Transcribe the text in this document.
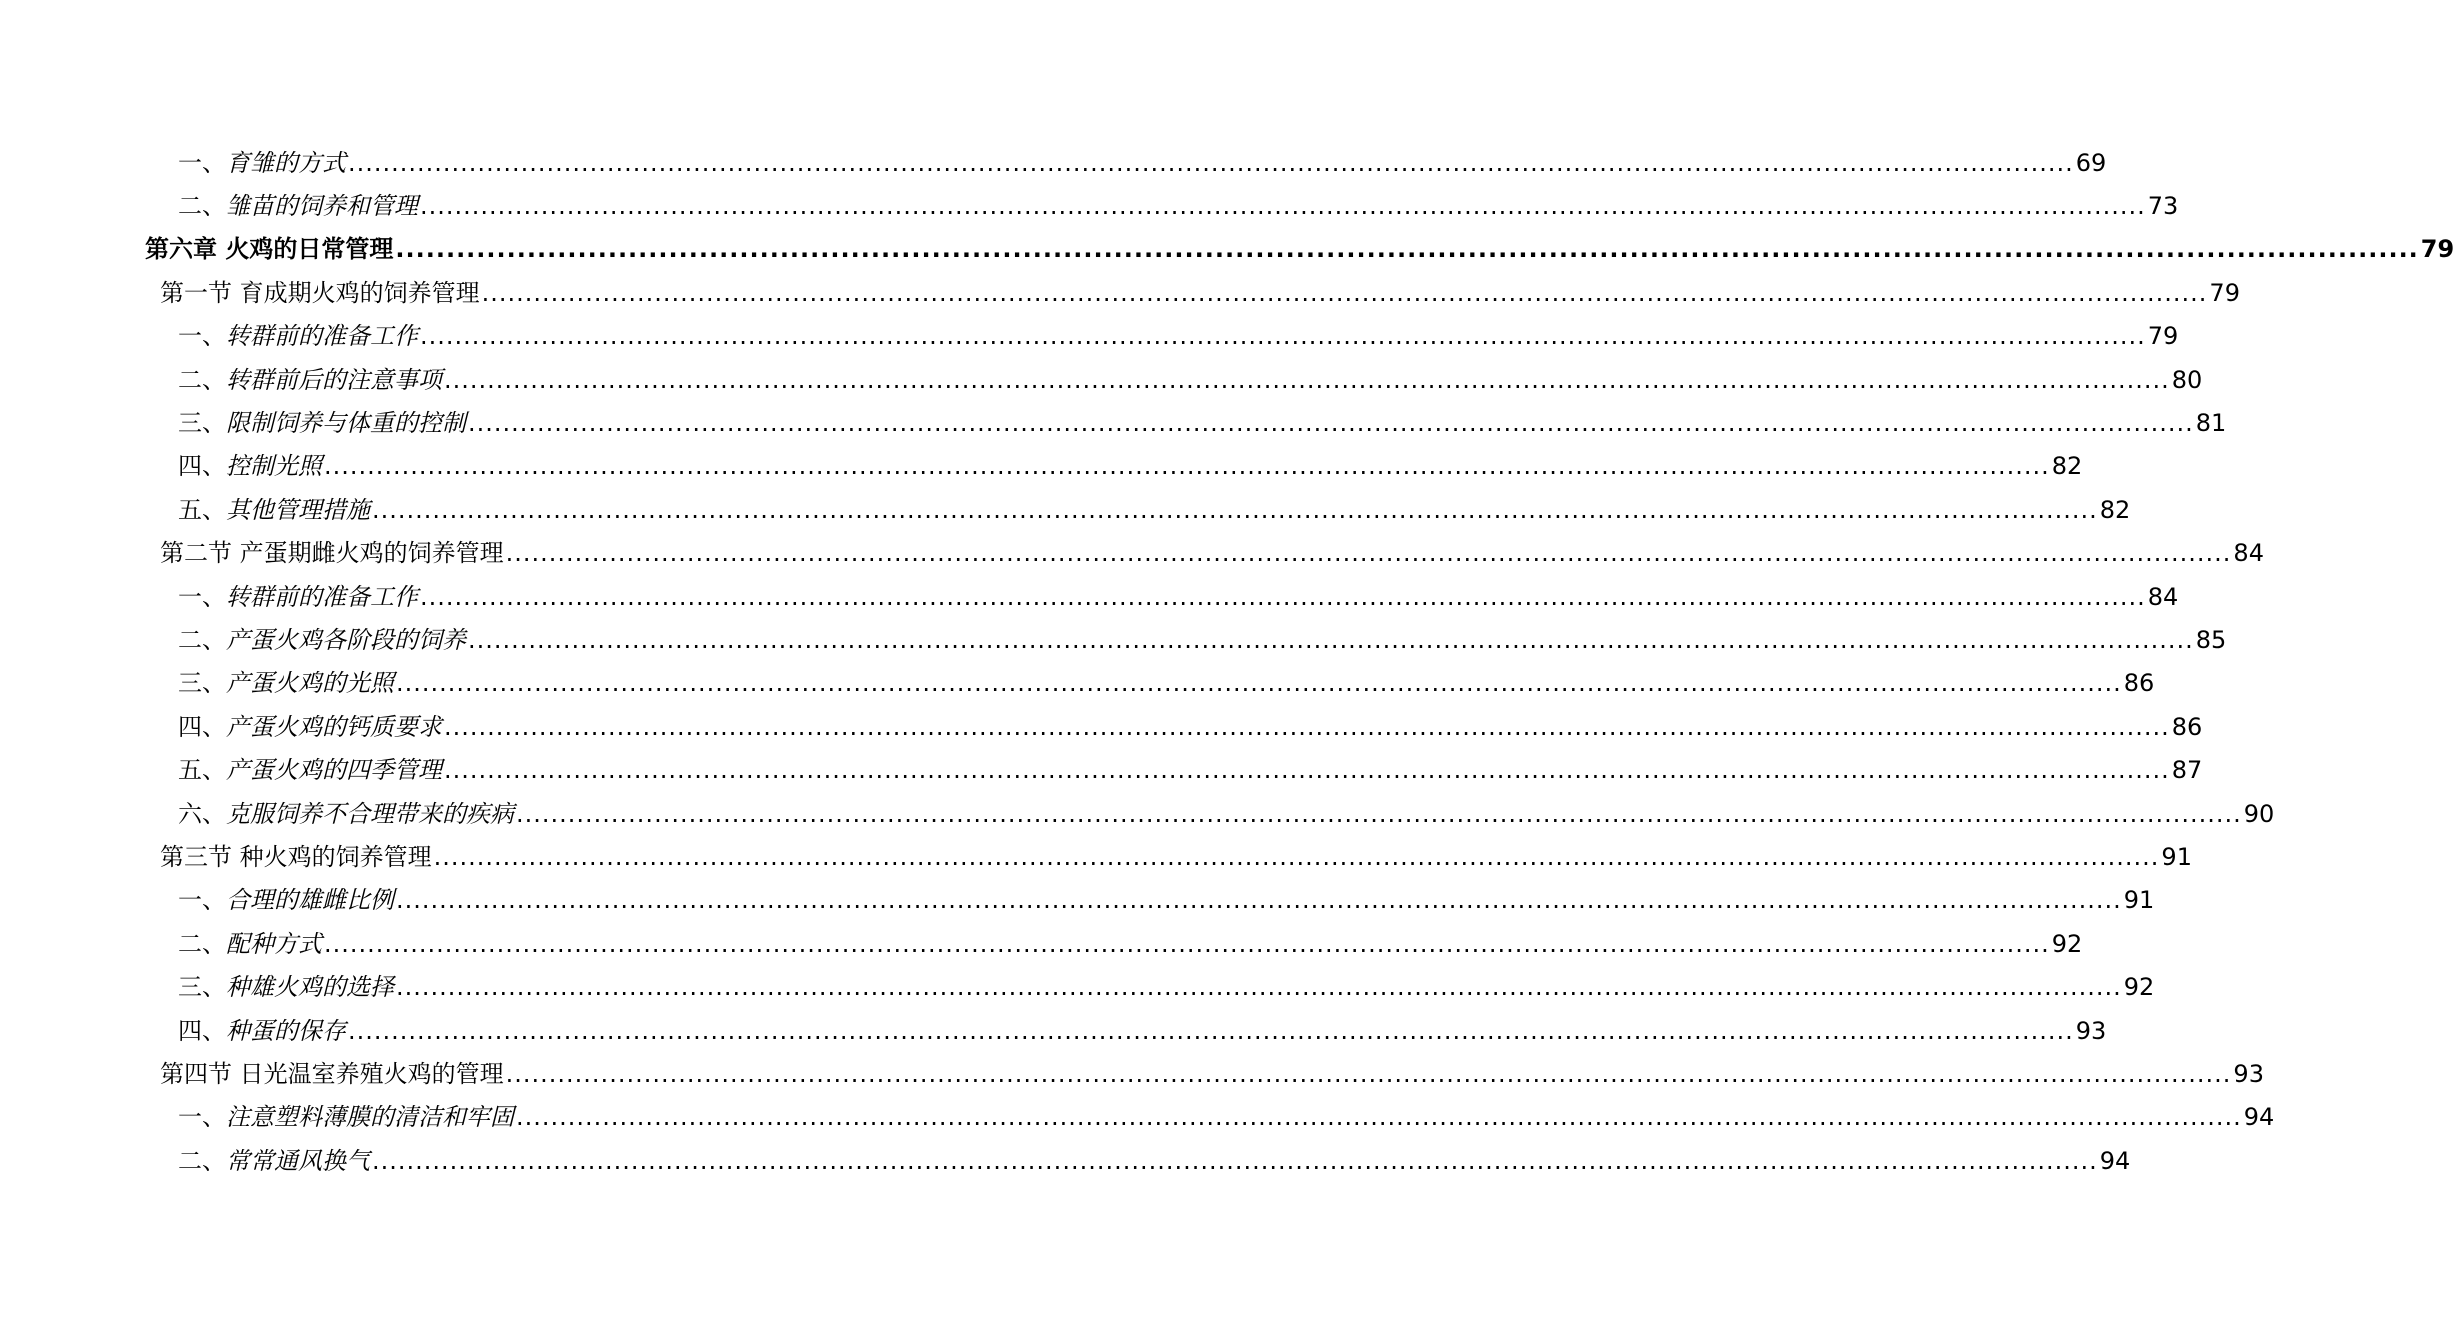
一、育雏的方式 ........................................................................................................................................................................................................ 69
二、雏苗的饲养和管理 ........................................................................................................................................................................................................ 73
第六章 火鸡的日常管理 ........................................................................................................................................................................................................ 79
第一节 育成期火鸡的饲养管理 ........................................................................................................................................................................................................ 79
一、转群前的准备工作 ........................................................................................................................................................................................................ 79
二、转群前后的注意事项 ........................................................................................................................................................................................................ 80
三、限制饲养与体重的控制 ........................................................................................................................................................................................................ 81
四、控制光照 ........................................................................................................................................................................................................ 82
五、其他管理措施 ........................................................................................................................................................................................................ 82
第二节 产蛋期雌火鸡的饲养管理 ........................................................................................................................................................................................................ 84
一、转群前的准备工作 ........................................................................................................................................................................................................ 84
二、产蛋火鸡各阶段的饲养 ........................................................................................................................................................................................................ 85
三、产蛋火鸡的光照 ........................................................................................................................................................................................................ 86
四、产蛋火鸡的钙质要求 ........................................................................................................................................................................................................ 86
五、产蛋火鸡的四季管理 ........................................................................................................................................................................................................ 87
六、克服饲养不合理带来的疾病 ........................................................................................................................................................................................................ 90
第三节 种火鸡的饲养管理 ........................................................................................................................................................................................................ 91
一、合理的雄雌比例 ........................................................................................................................................................................................................ 91
二、配种方式 ........................................................................................................................................................................................................ 92
三、种雄火鸡的选择 ........................................................................................................................................................................................................ 92
四、种蛋的保存 ........................................................................................................................................................................................................ 93
第四节 日光温室养殖火鸡的管理 ........................................................................................................................................................................................................ 93
一、注意塑料薄膜的清洁和牢固 ........................................................................................................................................................................................................ 94
二、常常通风换气 ........................................................................................................................................................................................................ 94
